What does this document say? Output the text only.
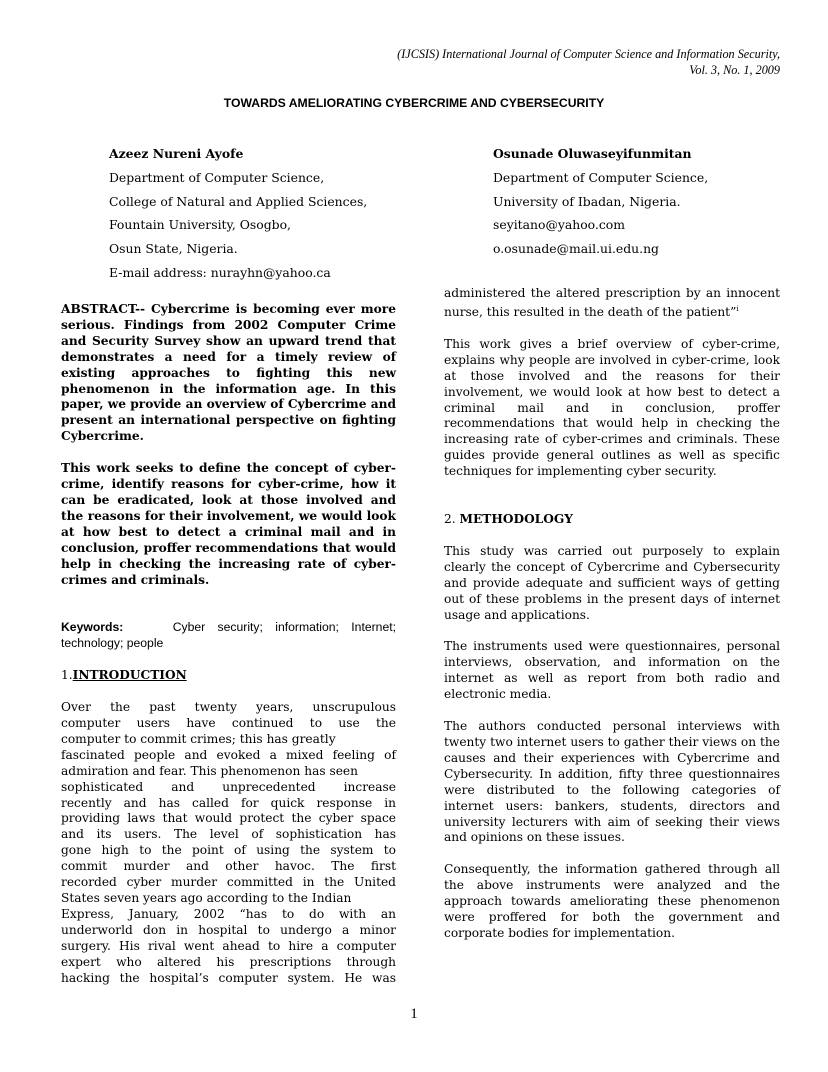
(IJCSIS) International Journal of Computer Science and Information Security,
Vol. 3, No. 1, 2009
TOWARDS AMELIORATING CYBERCRIME AND CYBERSECURITY
Azeez Nureni Ayofe
Department of Computer Science,
College of Natural and Applied Sciences,
Fountain University, Osogbo,
Osun State, Nigeria.
E-mail address: nurayhn@yahoo.ca
Osunade Oluwaseyifunmitan
Department of Computer Science,
University of Ibadan, Nigeria.
seyitano@yahoo.com
o.osunade@mail.ui.edu.ng

ABSTRACT-- Cybercrime is becoming ever more serious. Findings from 2002 Computer Crime and Security Survey show an upward trend that demonstrates a need for a timely review of existing approaches to fighting this new phenomenon in the information age. In this paper, we provide an overview of Cybercrime and present an international perspective on fighting Cybercrime.

This work seeks to define the concept of cyber-crime, identify reasons for cyber-crime, how it can be eradicated, look at those involved and the reasons for their involvement, we would look at how best to detect a criminal mail and in conclusion, proffer recommendations that would help in checking the increasing rate of cyber-crimes and criminals.

Keywords:	Cyber security; information; Internet; technology; people

1.INTRODUCTION

Over the past twenty years, unscrupulous
computer users have continued to use the
computer to commit crimes; this has greatly
fascinated people and evoked a mixed feeling of
admiration and fear. This phenomenon has seen
sophisticated and unprecedented increase
recently and has called for quick response in
providing laws that would protect the cyber space
and its users. The level of sophistication has
gone high to the point of using the system to
commit murder and other havoc. The first
recorded cyber murder committed in the United
States seven years ago according to the Indian
Express, January, 2002 “has to do with an
underworld don in hospital to undergo a minor
surgery. His rival went ahead to hire a computer
expert who altered his prescriptions through
hacking the hospital’s computer system. He was

administered the altered prescription by an innocent nurse, this resulted in the death of the patient”$^i$

This work gives a brief overview of cyber-crime, explains why people are involved in cyber-crime, look at those involved and the reasons for their involvement, we would look at how best to detect a criminal mail and in conclusion, proffer recommendations that would help in checking the increasing rate of cyber-crimes and criminals. These guides provide general outlines as well as specific techniques for implementing cyber security.

2. METHODOLOGY

This study was carried out purposely to explain clearly the concept of Cybercrime and Cybersecurity and provide adequate and sufficient ways of getting out of these problems in the present days of internet usage and applications.

The instruments used were questionnaires, personal interviews, observation, and information on the internet as well as report from both radio and electronic media.

The authors conducted personal interviews with twenty two internet users to gather their views on the causes and their experiences with Cybercrime and Cybersecurity. In addition, fifty three questionnaires were distributed to the following categories of internet users: bankers, students, directors and university lecturers with aim of seeking their views and opinions on these issues.

Consequently, the information gathered through all the above instruments were analyzed and the approach towards ameliorating these phenomenon were proffered for both the government and corporate bodies for implementation.

1
